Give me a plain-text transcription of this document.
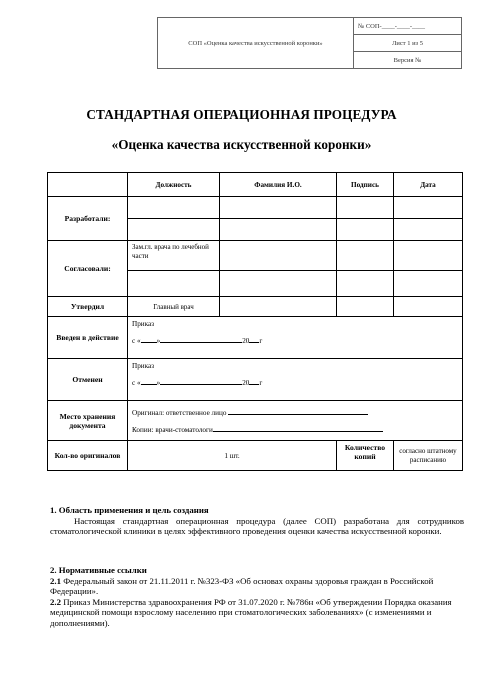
СОП «Оценка качества искусственной коронки»	№ СОП-____-____-____
Лист 1 из 5
Версия №
СТАНДАРТНАЯ ОПЕРАЦИОННАЯ ПРОЦЕДУРА
«Оценка качества искусственной коронки»
	Должность	Фамилия И.О.	Подпись	Дата
Разработали:				

Согласовали:	Зам.гл. врача по лечебной части			

Утвердил	Главный врач			
Введен в действие	Приказ
с « » 20 г			

Отменен	Приказ
с « » 20 г			

Место хранения документа	Оригинал: ответственное лицо
Копии: врачи-стоматологи			

Кол-во оригиналов	1 шт.		Количество копий	согласно штатному расписанию
1. Область применения и цель создания
Настоящая стандартная операционная процедура (далее СОП) разработана для сотрудников стоматологической клиники в целях эффективного проведения оценки качества искусственной коронки.
2. Нормативные ссылки
2.1 Федеральный закон от 21.11.2011 г. №323-ФЗ «Об основах охраны здоровья граждан в Российской Федерации».
2.2 Приказ Министерства здравоохранения РФ от 31.07.2020 г. №786н «Об утверждении Порядка оказания медицинской помощи взрослому населению при стоматологических заболеваниях» (с изменениями и дополнениями).
